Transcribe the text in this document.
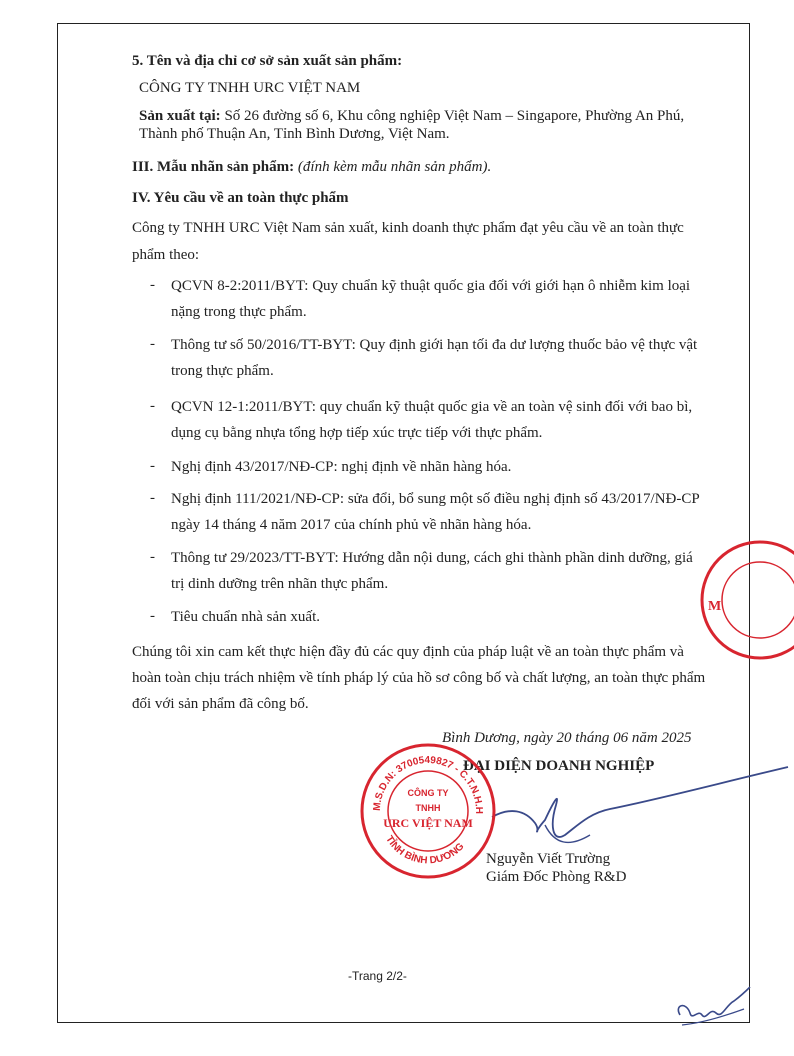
5. Tên và địa chỉ cơ sở sản xuất sản phẩm:
CÔNG TY TNHH URC VIỆT NAM
Sản xuất tại: Số 26 đường số 6, Khu công nghiệp Việt Nam – Singapore, Phường An Phú,
Thành phố Thuận An, Tỉnh Bình Dương, Việt Nam.
III. Mẫu nhãn sản phẩm: (đính kèm mẫu nhãn sản phẩm).
IV. Yêu cầu về an toàn thực phẩm
Công ty TNHH URC Việt Nam sản xuất, kinh doanh thực phẩm đạt yêu cầu về an toàn thực
phẩm theo:
- QCVN 8-2:2011/BYT: Quy chuẩn kỹ thuật quốc gia đối với giới hạn ô nhiễm kim loại
nặng trong thực phẩm.
- Thông tư số 50/2016/TT-BYT: Quy định giới hạn tối đa dư lượng thuốc bảo vệ thực vật
trong thực phẩm.
- QCVN 12-1:2011/BYT: quy chuẩn kỹ thuật quốc gia về an toàn vệ sinh đối với bao bì,
dụng cụ bằng nhựa tổng hợp tiếp xúc trực tiếp với thực phẩm.
- Nghị định 43/2017/NĐ-CP: nghị định về nhãn hàng hóa.
- Nghị định 111/2021/NĐ-CP: sửa đổi, bổ sung một số điều nghị định số 43/2017/NĐ-CP
ngày 14 tháng 4 năm 2017 của chính phủ về nhãn hàng hóa.
- Thông tư 29/2023/TT-BYT: Hướng dẫn nội dung, cách ghi thành phần dinh dưỡng, giá
trị dinh dưỡng trên nhãn thực phẩm.
- Tiêu chuẩn nhà sản xuất.
Chúng tôi xin cam kết thực hiện đầy đủ các quy định của pháp luật về an toàn thực phẩm và
hoàn toàn chịu trách nhiệm về tính pháp lý của hồ sơ công bố và chất lượng, an toàn thực phẩm
đối với sản phẩm đã công bố.
Bình Dương, ngày 20 tháng 06 năm 2025
ĐẠI DIỆN DOANH NGHIỆP
Nguyễn Viết Trường
Giám Đốc Phòng R&D
M.S.D.N: 3700549827 - C.T.N.H.H
TỈNH BÌNH DƯƠNG
CÔNG TY
TNHH
URC VIỆT NAM
M
-Trang 2/2-
